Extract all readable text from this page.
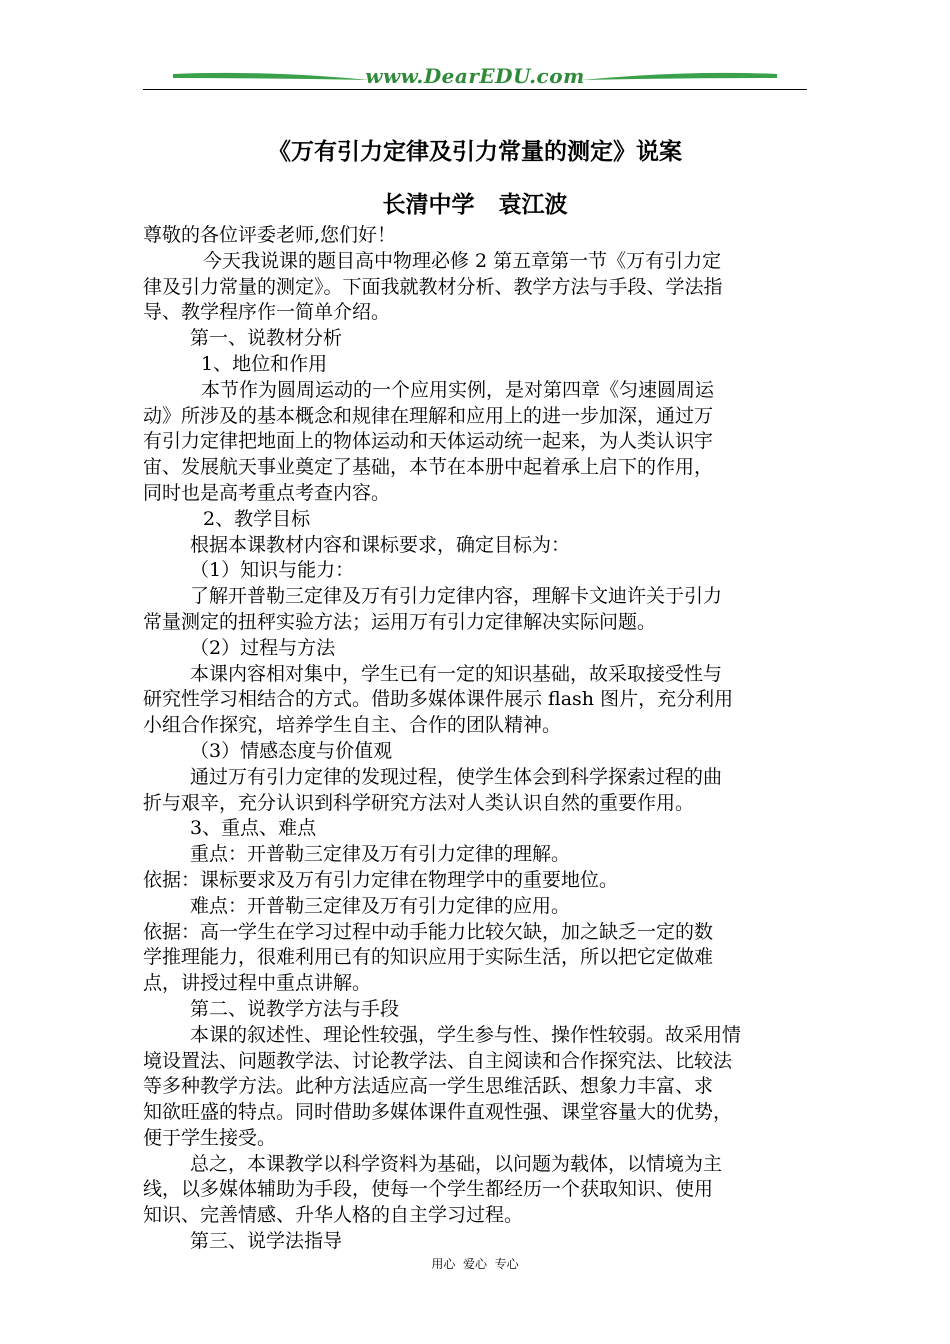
www.DearEDU.com
《万有引力定律及引力常量的测定》说案
长清中学   袁江波
尊敬的各位评委老师,您们好！
今天我说课的题目高中物理必修 2 第五章第一节《万有引力定
律及引力常量的测定》。下面我就教材分析、教学方法与手段、学法指
导、教学程序作一简单介绍。
第一、说教材分析
1、地位和作用
本节作为圆周运动的一个应用实例，是对第四章《匀速圆周运
动》所涉及的基本概念和规律在理解和应用上的进一步加深，通过万
有引力定律把地面上的物体运动和天体运动统一起来，为人类认识宇
宙、发展航天事业奠定了基础，本节在本册中起着承上启下的作用，
同时也是高考重点考查内容。
2、教学目标
根据本课教材内容和课标要求，确定目标为：
（1）知识与能力：
了解开普勒三定律及万有引力定律内容，理解卡文迪许关于引力
常量测定的扭秤实验方法；运用万有引力定律解决实际问题。
（2）过程与方法
本课内容相对集中，学生已有一定的知识基础，故采取接受性与
研究性学习相结合的方式。借助多媒体课件展示 flash 图片，充分利用
小组合作探究，培养学生自主、合作的团队精神。
（3）情感态度与价值观
通过万有引力定律的发现过程，使学生体会到科学探索过程的曲
折与艰辛，充分认识到科学研究方法对人类认识自然的重要作用。
3、重点、难点
重点：开普勒三定律及万有引力定律的理解。
依据：课标要求及万有引力定律在物理学中的重要地位。
难点：开普勒三定律及万有引力定律的应用。
依据：高一学生在学习过程中动手能力比较欠缺，加之缺乏一定的数
学推理能力，很难利用已有的知识应用于实际生活，所以把它定做难
点，讲授过程中重点讲解。
第二、说教学方法与手段
本课的叙述性、理论性较强，学生参与性、操作性较弱。故采用情
境设置法、问题教学法、讨论教学法、自主阅读和合作探究法、比较法
等多种教学方法。此种方法适应高一学生思维活跃、想象力丰富、求
知欲旺盛的特点。同时借助多媒体课件直观性强、课堂容量大的优势，
便于学生接受。
总之，本课教学以科学资料为基础，以问题为载体，以情境为主
线，以多媒体辅助为手段，使每一个学生都经历一个获取知识、使用
知识、完善情感、升华人格的自主学习过程。
第三、说学法指导
用心  爱心  专心
